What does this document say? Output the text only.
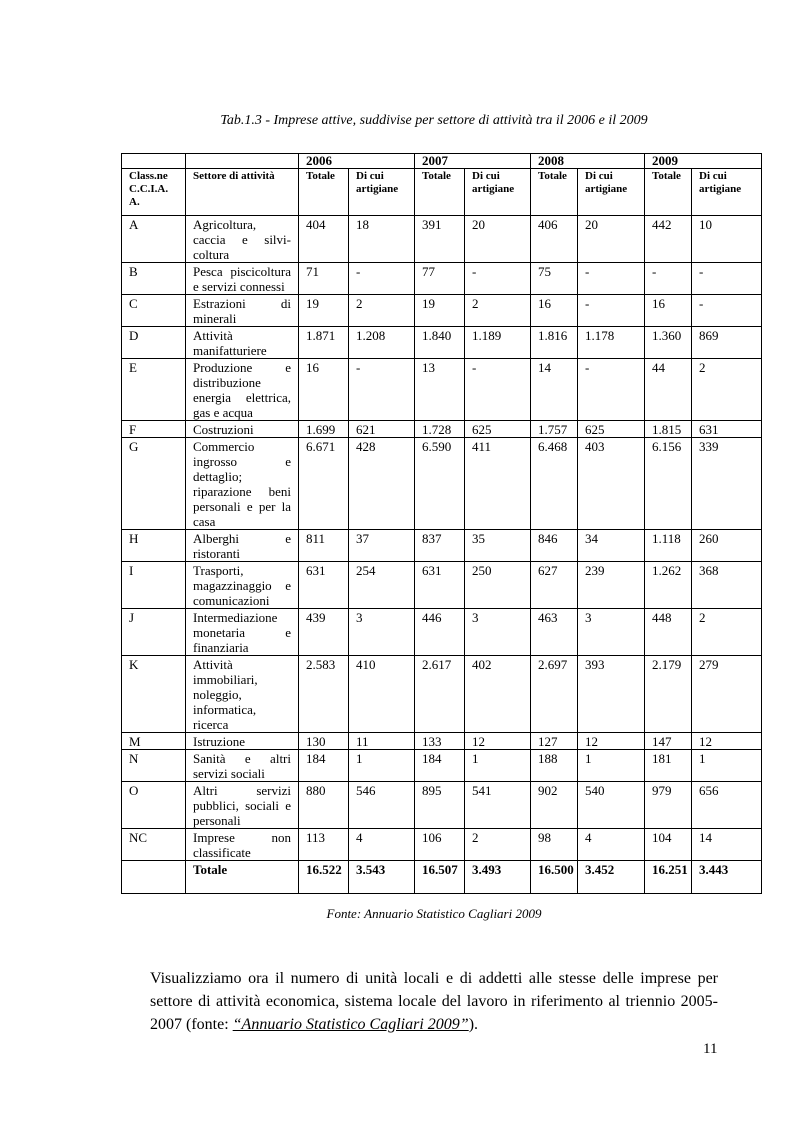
Tab.1.3 - Imprese attive, suddivise per settore di attività tra il 2006 e il 2009
		2006		2007		2008		2009	
Class.ne C.C.I.A. A.	Settore di attività	Totale	Di cui artigiane	Totale	Di cui artigiane	Totale	Di cui artigiane	Totale	Di cui artigiane
A	Agricoltura, caccia e silvi-coltura	404	18	391	20	406	20	442	10
B	Pesca piscicoltura e servizi connessi	71	-	77	-	75	-	-	-
C	Estrazioni di minerali	19	2	19	2	16	-	16	-
D	Attività manifatturiere	1.871	1.208	1.840	1.189	1.816	1.178	1.360	869
E	Produzione e distribuzione energia elettrica, gas e acqua	16	-	13	-	14	-	44	2
F	Costruzioni	1.699	621	1.728	625	1.757	625	1.815	631
G	Commercio ingrosso e dettaglio; riparazione beni personali e per la casa	6.671	428	6.590	411	6.468	403	6.156	339
H	Alberghi e ristoranti	811	37	837	35	846	34	1.118	260
I	Trasporti, magazzinaggio e comunicazioni	631	254	631	250	627	239	1.262	368
J	Intermediazione monetaria e finanziaria	439	3	446	3	463	3	448	2
K	Attività immobiliari, noleggio, informatica, ricerca	2.583	410	2.617	402	2.697	393	2.179	279
M	Istruzione	130	11	133	12	127	12	147	12
N	Sanità e altri servizi sociali	184	1	184	1	188	1	181	1
O	Altri servizi pubblici, sociali e personali	880	546	895	541	902	540	979	656
NC	Imprese non classificate	113	4	106	2	98	4	104	14
	Totale	16.522	3.543	16.507	3.493	16.500	3.452	16.251	3.443
Fonte: Annuario Statistico Cagliari 2009
Visualizziamo ora il numero di unità locali e di addetti alle stesse delle imprese per settore di attività economica, sistema locale del lavoro in riferimento al triennio 2005-2007 (fonte: “Annuario Statistico Cagliari 2009”).
11
